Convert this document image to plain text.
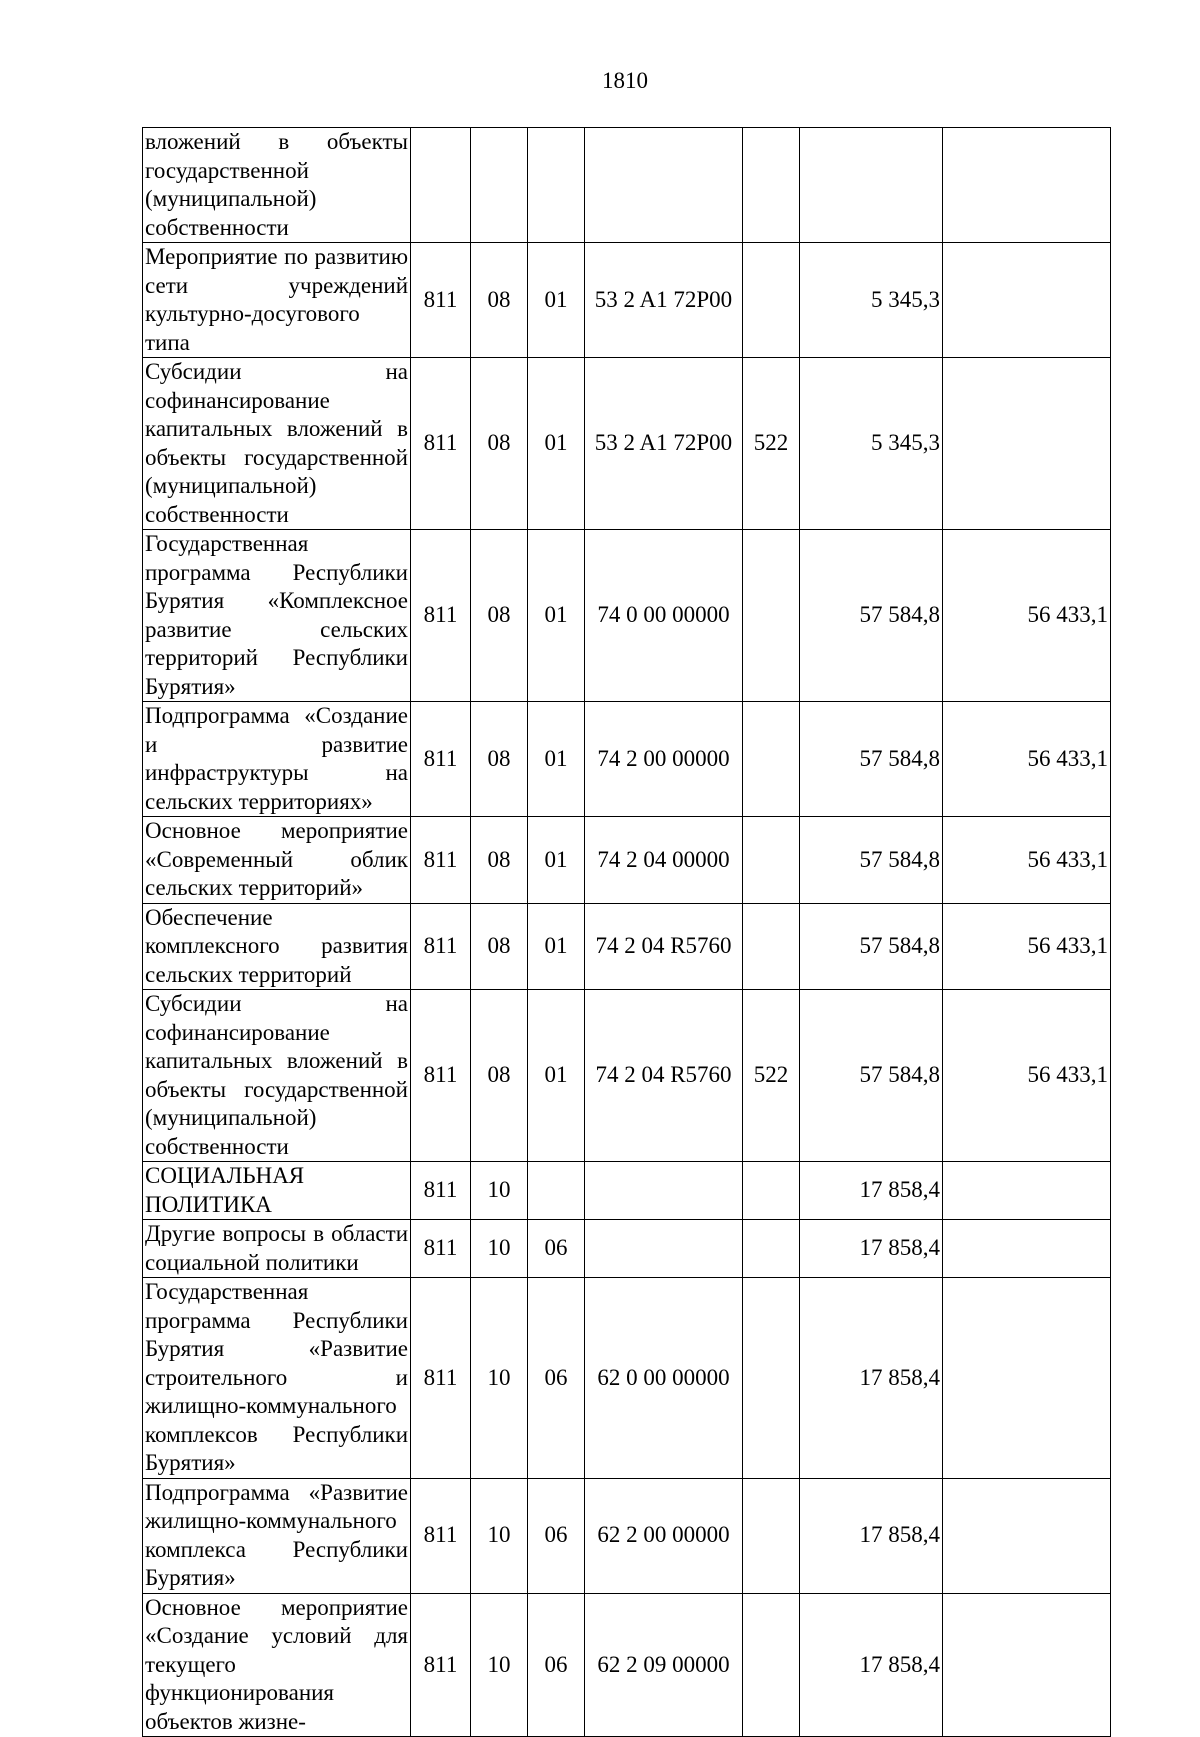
1810
вложений в объекты государственной (муниципальной) собственности							
Мероприятие по развитию сети учреждений культурно-досугового типа	811	08	01	53 2 A1 72P00		5 345,3	
Субсидии на софинансирование капитальных вложений в объекты государственной (муниципальной) собственности	811	08	01	53 2 A1 72P00	522	5 345,3	
Государственная программа Республики Бурятия «Комплексное развитие сельских территорий Республики Бурятия»	811	08	01	74 0 00 00000		57 584,8	56 433,1
Подпрограмма «Создание и развитие инфраструктуры на сельских территориях»	811	08	01	74 2 00 00000		57 584,8	56 433,1
Основное мероприятие «Современный облик сельских территорий»	811	08	01	74 2 04 00000		57 584,8	56 433,1
Обеспечение комплексного развития сельских территорий	811	08	01	74 2 04 R5760		57 584,8	56 433,1
Субсидии на софинансирование капитальных вложений в объекты государственной (муниципальной) собственности	811	08	01	74 2 04 R5760	522	57 584,8	56 433,1
СОЦИАЛЬНАЯ ПОЛИТИКА	811	10				17 858,4	
Другие вопросы в области социальной политики	811	10	06			17 858,4	
Государственная программа Республики Бурятия «Развитие строительного и жилищно-коммунального комплексов Республики Бурятия»	811	10	06	62 0 00 00000		17 858,4	
Подпрограмма «Развитие жилищно-коммунального комплекса Республики Бурятия»	811	10	06	62 2 00 00000		17 858,4	
Основное мероприятие «Создание условий для текущего функционирования объектов жизне-	811	10	06	62 2 09 00000		17 858,4	
